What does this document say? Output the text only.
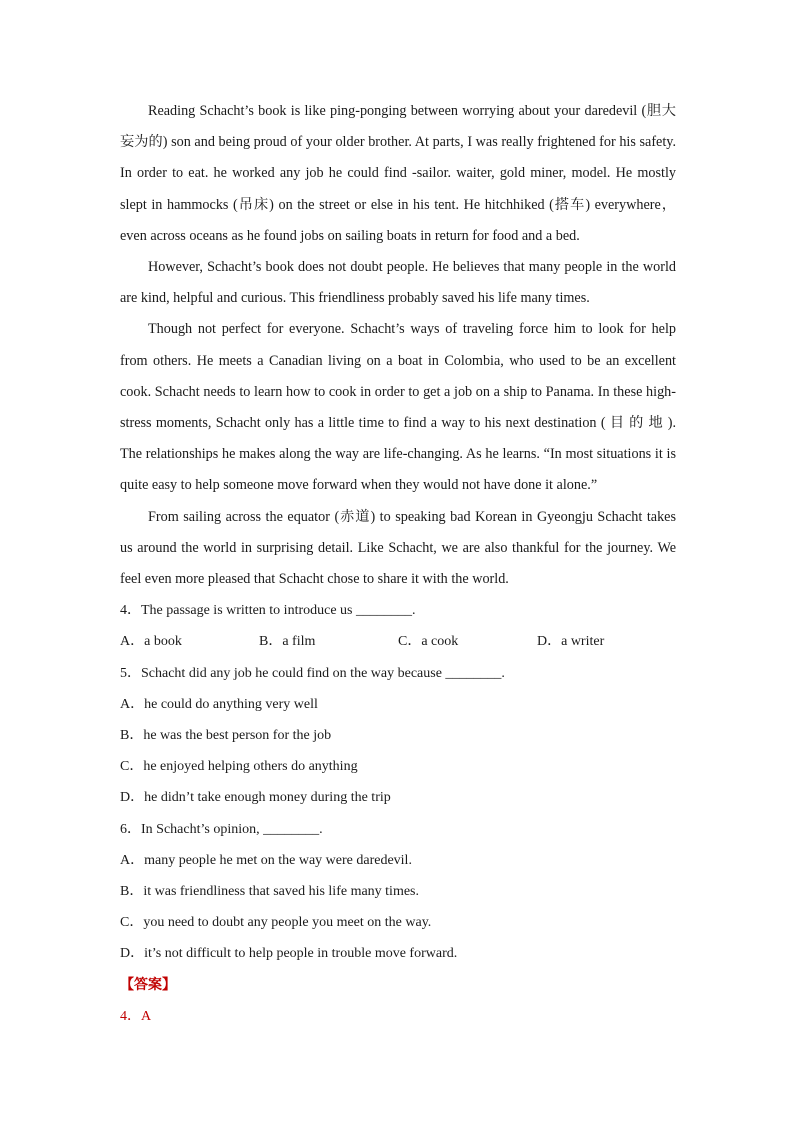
Reading Schacht’s book is like ping-ponging between worrying about your daredevil (胆大妄为的) son and being proud of your older brother. At parts, I was really frightened for his safety. In order to eat. he worked any job he could find -sailor. waiter, gold miner, model. He mostly slept in hammocks (吊床) on the street or else in his tent. He hitchhiked (搭车) everywhere，even across oceans as he found jobs on sailing boats in return for food and a bed.

However, Schacht’s book does not doubt people. He believes that many people in the world are kind, helpful and curious. This friendliness probably saved his life many times.

Though not perfect for everyone. Schacht’s ways of traveling force him to look for help from others. He meets a Canadian living on a boat in Colombia, who used to be an excellent cook. Schacht needs to learn how to cook in order to get a job on a ship to Panama. In these high-stress moments, Schacht only has a little time to find a way to his next destination ( 目 的 地 ). The relationships he makes along the way are life-changing. As he learns. “In most situations it is quite easy to help someone move forward when they would not have done it alone.”

From sailing across the equator (赤道) to speaking bad Korean in Gyeongju Schacht takes us around the world in surprising detail. Like Schacht, we are also thankful for the journey. We feel even more pleased that Schacht chose to share it with the world.

4．The passage is written to introduce us ________.

A．a book	B．a film	C．a cook	D．a writer

5．Schacht did any job he could find on the way because ________.

A．he could do anything very well

B．he was the best person for the job

C．he enjoyed helping others do anything

D．he didn’t take enough money during the trip

6．In Schacht’s opinion, ________.

A．many people he met on the way were daredevil.

B．it was friendliness that saved his life many times.

C．you need to doubt any people you meet on the way.

D．it’s not difficult to help people in trouble move forward.

【答案】

4．A
